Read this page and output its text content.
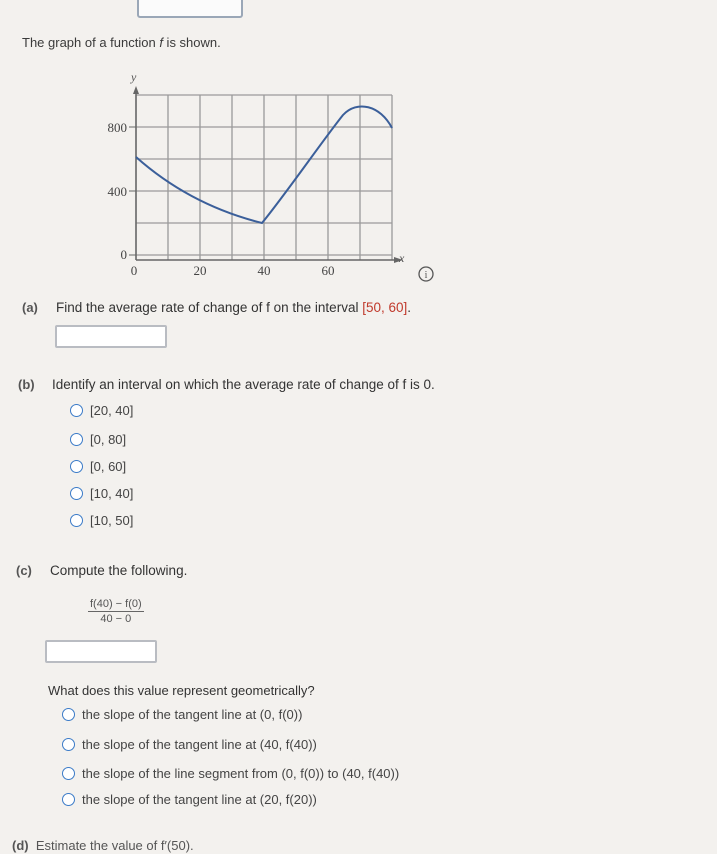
The graph of a function f is shown.
y
x
800
400
0
0	20	40	60	i
(a) Find the average rate of change of f on the interval [50, 60].
(b) Identify an interval on which the average rate of change of f is 0.
[20, 40]
[0, 80]
[0, 60]
[10, 40]
[10, 50]
(c) Compute the following.
$\frac{f(40) - f(0)}{40 - 0}$
What does this value represent geometrically?
the slope of the tangent line at (0, f(0))
the slope of the tangent line at (40, f(40))
the slope of the line segment from (0, f(0)) to (40, f(40))
the slope of the tangent line at (20, f(20))
(d) Estimate the value of f′(50).
